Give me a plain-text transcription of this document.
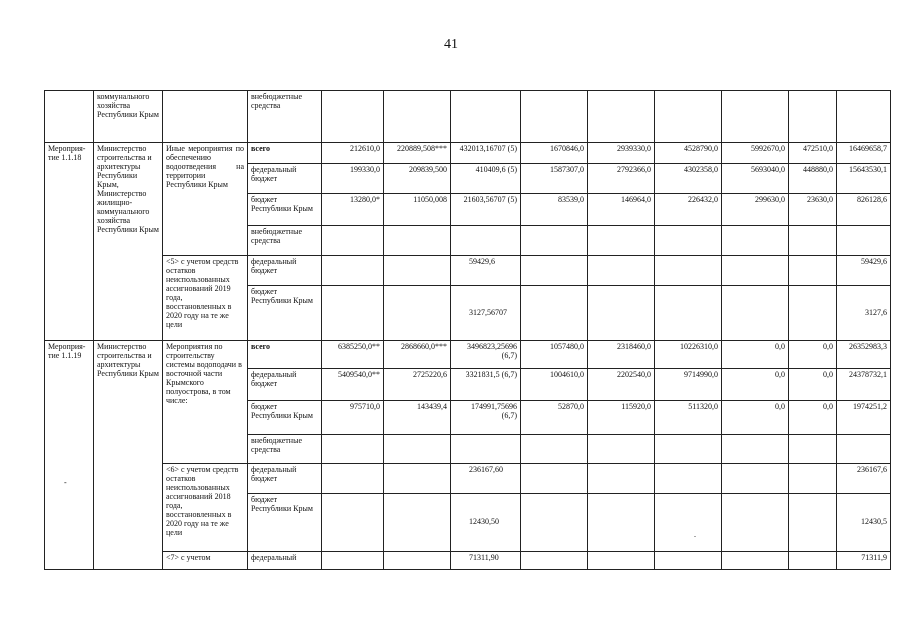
41
	коммунального хозяйства Республики Крым		внебюджетные средства									
Мероприя-тие 1.1.18	Министерство строительства и архитектуры Республики Крым, Министерство жилищно-коммунального хозяйства Республики Крым	Иные мероприятия по обеспечению водоотведения на территории Республики Крым	всего	212610,0	220889,508***	432013,16707 (5)	1670846,0	2939330,0	4528790,0	5992670,0	472510,0	16469658,7
			федеральный бюджет	199330,0	209839,500	410409,6 (5)	1587307,0	2792366,0	4302358,0	5693040,0	448880,0	15643530,1
			бюджет Республики Крым	13280,0*	11050,008	21603,56707 (5)	83539,0	146964,0	226432,0	299630,0	23630,0	826128,6
			внебюджетные средства									
		<5> с учетом средств остатков неиспользованных ассигнований 2019 года, восстановленных в 2020 году на те же цели	федеральный бюджет			59429,6						59429,6
			бюджет Республики Крым			3127,56707						3127,6
Мероприя-тие 1.1.19	Министерство строительства и архитектуры Республики Крым	Мероприятия по строительству системы водоподачи в восточной части Крымского полуострова, в том числе:	всего	6385250,0**	2868660,0***	3496823,25696 (6,7)	1057480,0	2318460,0	10226310,0	0,0	0,0	26352983,3
			федеральный бюджет	5409540,0**	2725220,6	3321831,5 (6,7)	1004610,0	2202540,0	9714990,0	0,0	0,0	24378732,1
			бюджет Республики Крым	975710,0	143439,4	174991,75696 (6,7)	52870,0	115920,0	511320,0	0,0	0,0	1974251,2
			внебюджетные средства									
		<6> с учетом средств остатков неиспользованных ассигнований 2018 года, восстановленных в 2020 году на те же цели	федеральный бюджет			236167,60						236167,6
			бюджет Республики Крым			12430,50						12430,5
		<7> с учетом	федеральный			71311,90						71311,9
-
.
